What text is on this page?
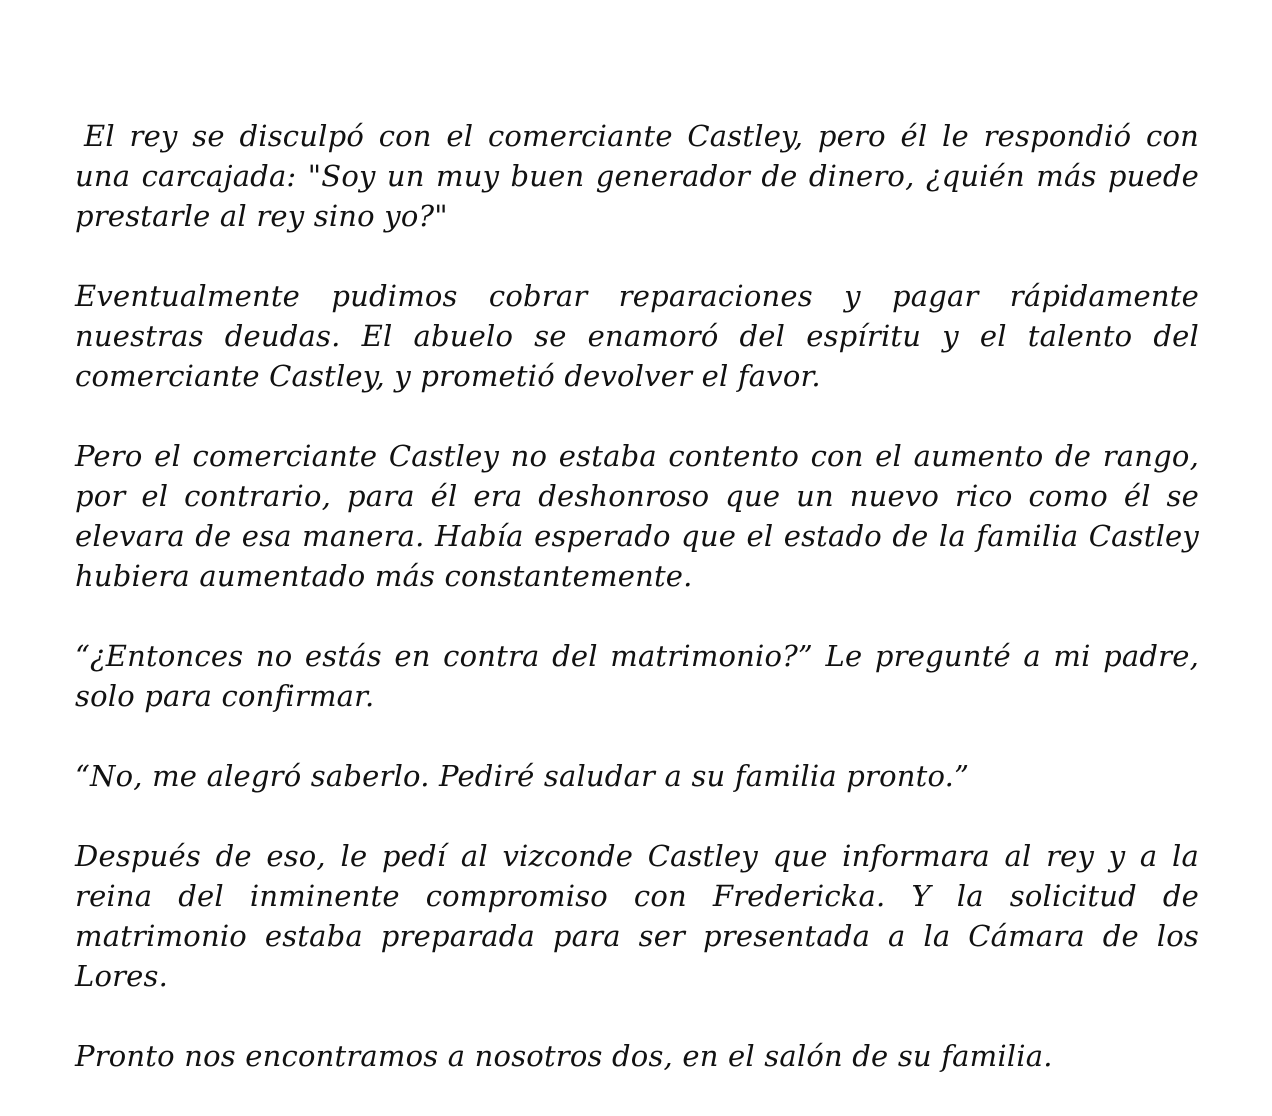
El rey se disculpó con el comerciante Castley, pero él le respondió con una carcajada: "Soy un muy buen generador de dinero, ¿quién más puede prestarle al rey sino yo?"

Eventualmente pudimos cobrar reparaciones y pagar rápidamente nuestras deudas. El abuelo se enamoró del espíritu y el talento del comerciante Castley, y prometió devolver el favor.

Pero el comerciante Castley no estaba contento con el aumento de rango, por el contrario, para él era deshonroso que un nuevo rico como él se elevara de esa manera. Había esperado que el estado de la familia Castley hubiera aumentado más constantemente.

“¿Entonces no estás en contra del matrimonio?” Le pregunté a mi padre, solo para confirmar.

“No, me alegró saberlo. Pediré saludar a su familia pronto.”

Después de eso, le pedí al vizconde Castley que informara al rey y a la reina del inminente compromiso con Fredericka. Y la solicitud de matrimonio estaba preparada para ser presentada a la Cámara de los Lores.

Pronto nos encontramos a nosotros dos, en el salón de su familia.
